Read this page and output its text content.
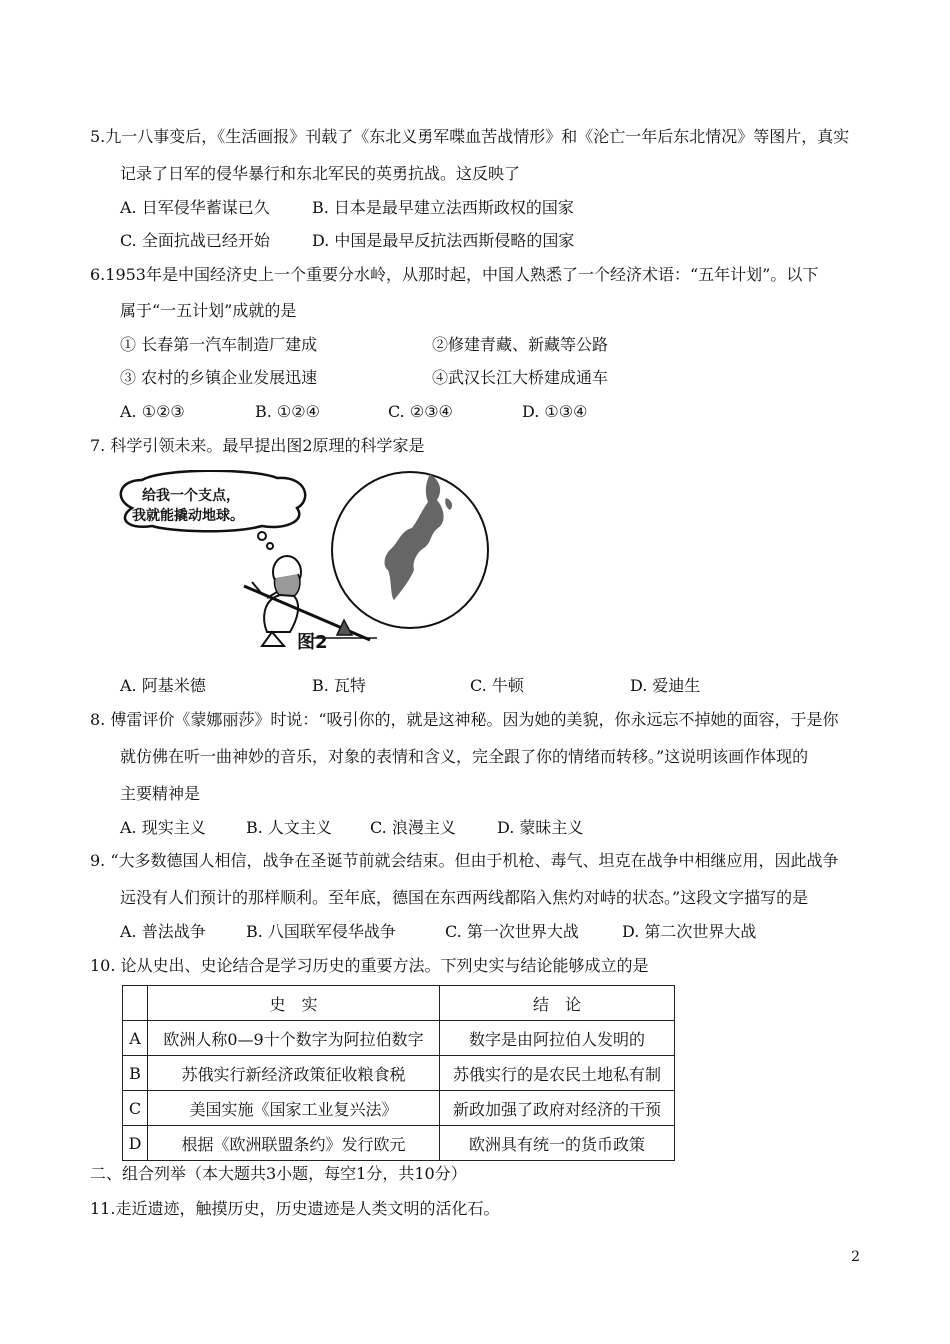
5.九一八事变后，《生活画报》刊载了《东北义勇军喋血苦战情形》和《沦亡一年后东北情况》等图片，真实
记录了日军的侵华暴行和东北军民的英勇抗战。这反映了
A. 日军侵华蓄谋已久	B. 日本是最早建立法西斯政权的国家
C. 全面抗战已经开始	D. 中国是最早反抗法西斯侵略的国家
6.1953年是中国经济史上一个重要分水岭，从那时起，中国人熟悉了一个经济术语：“五年计划”。以下
属于“一五计划”成就的是
① 长春第一汽车制造厂建成	②修建青藏、新藏等公路
③ 农村的乡镇企业发展迅速	④武汉长江大桥建成通车
A. ①②③	B. ①②④	C. ②③④	D. ①③④
7. 科学引领未来。最早提出图2原理的科学家是
给我一个支点，
我就能撬动地球。
图2
A. 阿基米德	B. 瓦特	C. 牛顿	D. 爱迪生
8. 傅雷评价《蒙娜丽莎》时说：“吸引你的，就是这神秘。因为她的美貌，你永远忘不掉她的面容，于是你
就仿佛在听一曲神妙的音乐，对象的表情和含义，完全跟了你的情绪而转移。”这说明该画作体现的
主要精神是
A. 现实主义	B. 人文主义 C. 浪漫主义	D. 蒙昧主义
9. “大多数德国人相信，战争在圣诞节前就会结束。但由于机枪、毒气、坦克在战争中相继应用，因此战争
远没有人们预计的那样顺利。至年底，德国在东西两线都陷入焦灼对峙的状态。”这段文字描写的是
A. 普法战争	B. 八国联军侵华战争	C. 第一次世界大战	D. 第二次世界大战
10. 论从史出、史论结合是学习历史的重要方法。下列史实与结论能够成立的是
	史　实	结　论
A	欧洲人称0—9十个数字为阿拉伯数字	数字是由阿拉伯人发明的
B	苏俄实行新经济政策征收粮食税	苏俄实行的是农民土地私有制
C	美国实施《国家工业复兴法》	新政加强了政府对经济的干预
D	根据《欧洲联盟条约》发行欧元	欧洲具有统一的货币政策
二、组合列举（本大题共3小题，每空1分，共10分）
11.走近遗迹，触摸历史，历史遗迹是人类文明的活化石。
2
